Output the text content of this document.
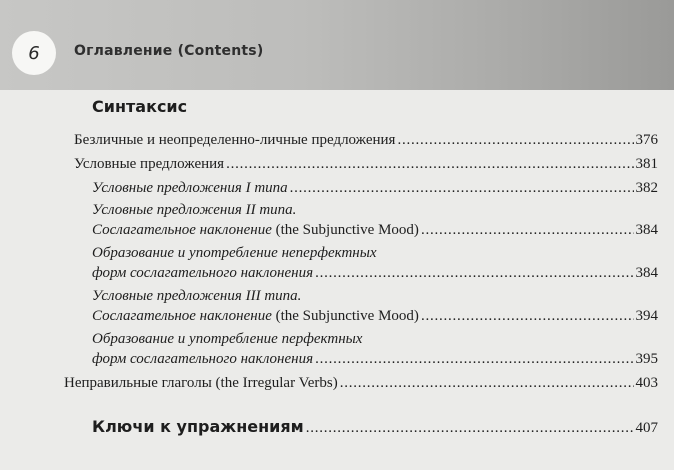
6 Оглавление (Contents)
Синтаксис
Безличные и неопределенно-личные предложения . . .	376
Условные предложения . . .	381
Условные предложения I типа . . .	382
Условные предложения II типа.
Сослагательное наклонение (the Subjunctive Mood) . . .	384
Образование и употребление неперфектных
форм сослагательного наклонения . . .	384
Условные предложения III типа.
Сослагательное наклонение (the Subjunctive Mood) . . .	394
Образование и употребление перфектных
форм сослагательного наклонения . . .	395
Неправильные глаголы (the Irregular Verbs) . . .	403
Ключи к упражнениям . . .	407
